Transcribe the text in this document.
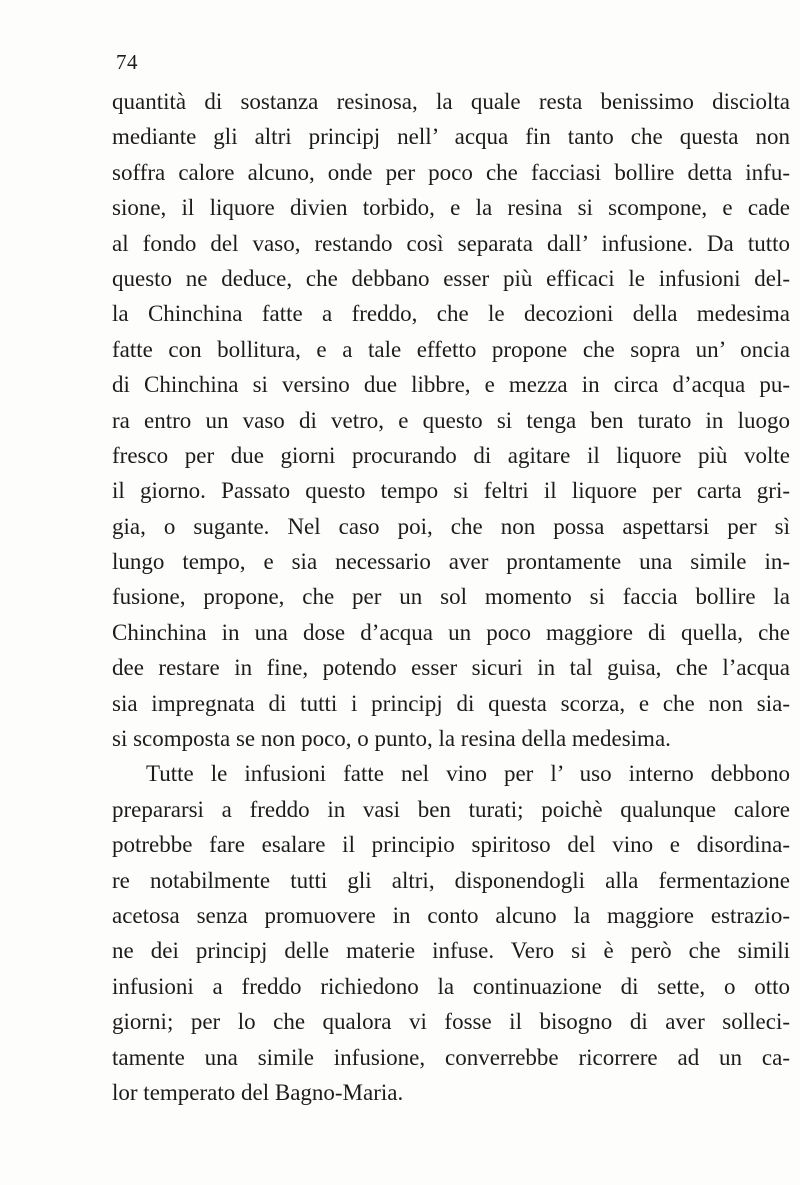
74
quantità di sostanza resinosa, la quale resta benissimo disciolta
mediante gli altri principj nell’ acqua fin tanto che questa non
soffra calore alcuno, onde per poco che facciasi bollire detta infu-
sione, il liquore divien torbido, e la resina si scompone, e cade
al fondo del vaso, restando così separata dall’ infusione. Da tutto
questo ne deduce, che debbano esser più efficaci le infusioni del-
la Chinchina fatte a freddo, che le decozioni della medesima
fatte con bollitura, e a tale effetto propone che sopra un’ oncia
di Chinchina si versino due libbre, e mezza in circa d’acqua pu-
ra entro un vaso di vetro, e questo si tenga ben turato in luogo
fresco per due giorni procurando di agitare il liquore più volte
il giorno. Passato questo tempo si feltri il liquore per carta gri-
gia, o sugante. Nel caso poi, che non possa aspettarsi per sì
lungo tempo, e sia necessario aver prontamente una simile in-
fusione, propone, che per un sol momento si faccia bollire la
Chinchina in una dose d’acqua un poco maggiore di quella, che
dee restare in fine, potendo esser sicuri in tal guisa, che l’acqua
sia impregnata di tutti i principj di questa scorza, e che non sia-
si scomposta se non poco, o punto, la resina della medesima.
Tutte le infusioni fatte nel vino per l’ uso interno debbono
prepararsi a freddo in vasi ben turati; poichè qualunque calore
potrebbe fare esalare il principio spiritoso del vino e disordina-
re notabilmente tutti gli altri, disponendogli alla fermentazione
acetosa senza promuovere in conto alcuno la maggiore estrazio-
ne dei principj delle materie infuse. Vero si è però che simili
infusioni a freddo richiedono la continuazione di sette, o otto
giorni; per lo che qualora vi fosse il bisogno di aver solleci-
tamente una simile infusione, converrebbe ricorrere ad un ca-
lor temperato del Bagno-Maria.
